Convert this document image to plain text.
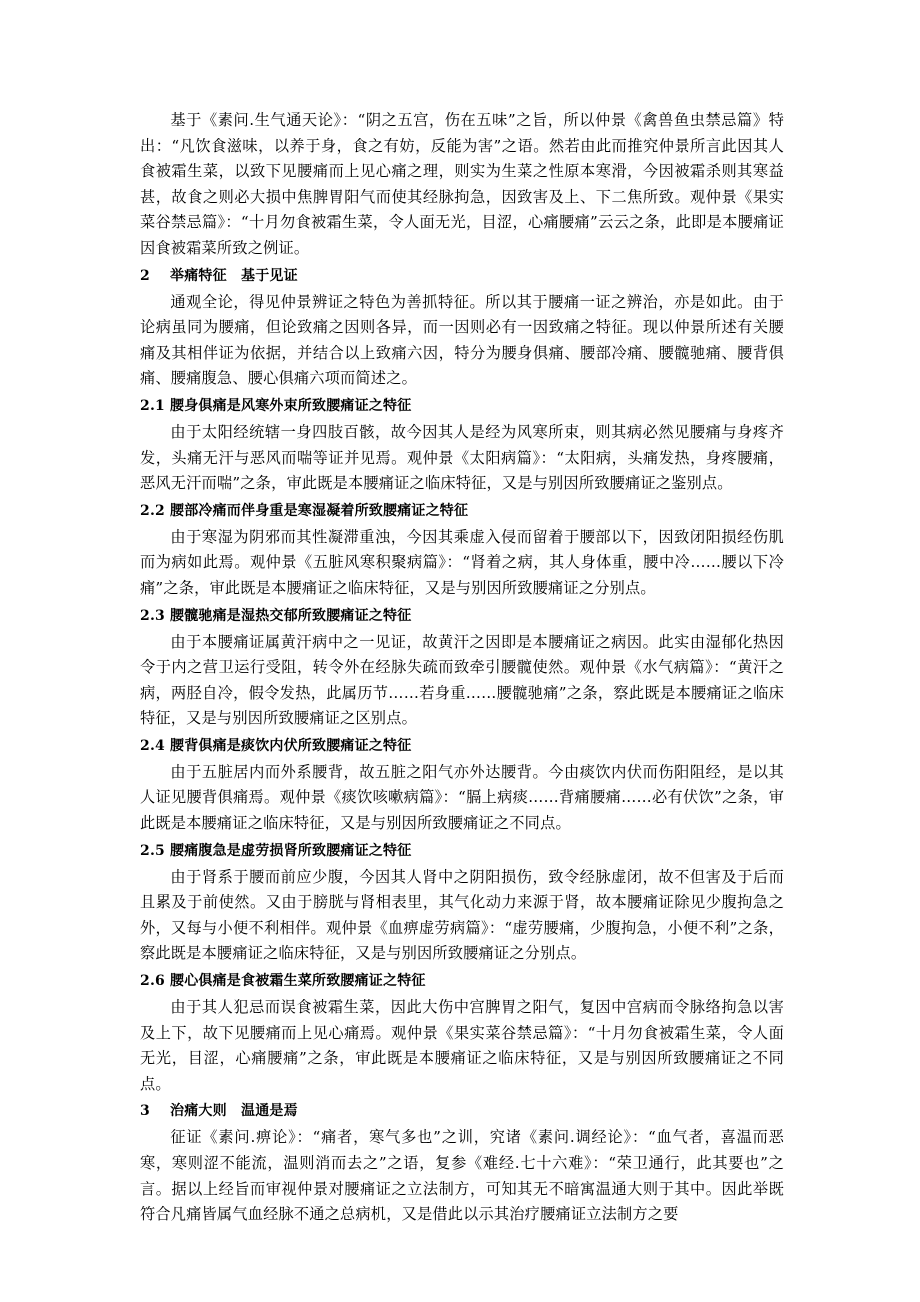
基于《素问.生气通天论》：“阴之五宫，伤在五味”之旨，所以仲景《禽兽鱼虫禁忌篇》特出：“凡饮食滋味，以养于身，食之有妨，反能为害”之语。然若由此而推究仲景所言此因其人食被霜生菜，以致下见腰痛而上见心痛之理，则实为生菜之性原本寒滑，今因被霜杀则其寒益甚，故食之则必大损中焦脾胃阳气而使其经脉拘急，因致害及上、下二焦所致。观仲景《果实菜谷禁忌篇》：“十月勿食被霜生菜，令人面无光，目涩，心痛腰痛”云云之条，此即是本腰痛证因食被霜菜所致之例证。

2 举痛特征　基于见证

通观全论，得见仲景辨证之特色为善抓特征。所以其于腰痛一证之辨治，亦是如此。由于论病虽同为腰痛，但论致痛之因则各异，而一因则必有一因致痛之特征。现以仲景所述有关腰痛及其相伴证为依据，并结合以上致痛六因，特分为腰身俱痛、腰部冷痛、腰髋驰痛、腰背俱痛、腰痛腹急、腰心俱痛六项而简述之。

2.1 腰身俱痛是风寒外束所致腰痛证之特征

由于太阳经统辖一身四肢百骸，故今因其人是经为风寒所束，则其病必然见腰痛与身疼齐发，头痛无汗与恶风而喘等证并见焉。观仲景《太阳病篇》：“太阳病，头痛发热，身疼腰痛，恶风无汗而喘”之条，审此既是本腰痛证之临床特征，又是与别因所致腰痛证之鉴别点。

2.2 腰部冷痛而伴身重是寒湿凝着所致腰痛证之特征

由于寒湿为阴邪而其性凝滞重浊，今因其乘虚入侵而留着于腰部以下，因致闭阳损经伤肌而为病如此焉。观仲景《五脏风寒积聚病篇》：“肾着之病，其人身体重，腰中冷……腰以下冷痛”之条，审此既是本腰痛证之临床特征，又是与别因所致腰痛证之分别点。

2.3 腰髋驰痛是湿热交郁所致腰痛证之特征

由于本腰痛证属黄汗病中之一见证，故黄汗之因即是本腰痛证之病因。此实由湿郁化热因令于内之营卫运行受阻，转令外在经脉失疏而致牵引腰髋使然。观仲景《水气病篇》：“黄汗之病，两胫自冷，假令发热，此属历节……若身重……腰髋驰痛”之条，察此既是本腰痛证之临床特征，又是与别因所致腰痛证之区别点。

2.4 腰背俱痛是痰饮内伏所致腰痛证之特征

由于五脏居内而外系腰背，故五脏之阳气亦外达腰背。今由痰饮内伏而伤阳阻经，是以其人证见腰背俱痛焉。观仲景《痰饮咳嗽病篇》：“膈上病痰……背痛腰痛……必有伏饮”之条，审此既是本腰痛证之临床特征，又是与别因所致腰痛证之不同点。

2.5 腰痛腹急是虚劳损肾所致腰痛证之特征

由于肾系于腰而前应少腹，今因其人肾中之阴阳损伤，致令经脉虚闭，故不但害及于后而且累及于前使然。又由于膀胱与肾相表里，其气化动力来源于肾，故本腰痛证除见少腹拘急之外，又每与小便不利相伴。观仲景《血痹虚劳病篇》：“虚劳腰痛，少腹拘急，小便不利”之条，察此既是本腰痛证之临床特征，又是与别因所致腰痛证之分别点。

2.6 腰心俱痛是食被霜生菜所致腰痛证之特征

由于其人犯忌而误食被霜生菜，因此大伤中宫脾胃之阳气，复因中宫病而令脉络拘急以害及上下，故下见腰痛而上见心痛焉。观仲景《果实菜谷禁忌篇》：“十月勿食被霜生菜，令人面无光，目涩，心痛腰痛”之条，审此既是本腰痛证之临床特征，又是与别因所致腰痛证之不同点。

3 治痛大则　温通是焉

征证《素问.痹论》：“痛者，寒气多也”之训，究诸《素问.调经论》：“血气者，喜温而恶寒，寒则涩不能流，温则消而去之”之语，复参《难经.七十六难》：“荣卫通行，此其要也”之言。据以上经旨而审视仲景对腰痛证之立法制方，可知其无不暗寓温通大则于其中。因此举既符合凡痛皆属气血经脉不通之总病机，又是借此以示其治疗腰痛证立法制方之要
